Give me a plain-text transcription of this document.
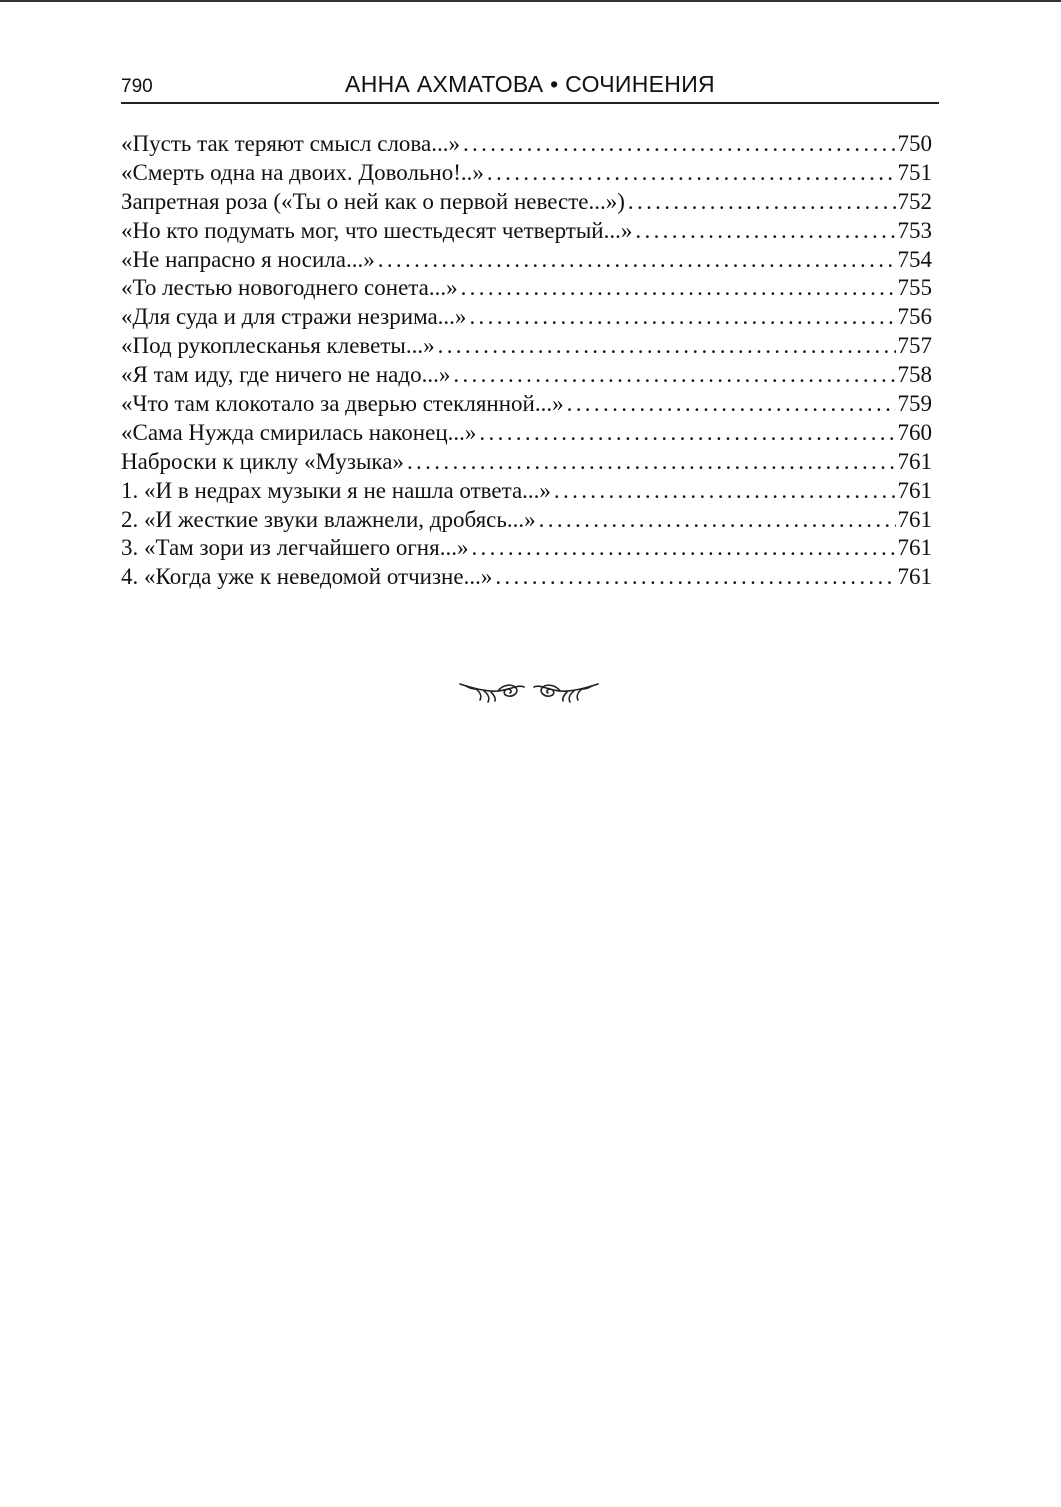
790	АННА АХМАТОВА • СОЧИНЕНИЯ
«Пусть так теряют смысл слова...» . . .	750
«Смерть одна на двоих. Довольно!..» . . .	751
Запретная роза («Ты о ней как о первой невесте...») . . .	752
«Но кто подумать мог, что шестьдесят четвертый...» . . .	753
«Не напрасно я носила...» . . .	754
«То лестью новогоднего сонета...» . . .	755
«Для суда и для стражи незрима...» . . .	756
«Под рукоплесканья клеветы...» . . .	757
«Я там иду, где ничего не надо...» . . .	758
«Что там клокотало за дверью стеклянной...» . . .	759
«Сама Нужда смирилась наконец...» . . .	760
Наброски к циклу «Музыка» . . .	761
1. «И в недрах музыки я не нашла ответа...» . . .	761
2. «И жесткие звуки влажнели, дробясь...» . . .	761
3. «Там зори из легчайшего огня...» . . .	761
4. «Когда уже к неведомой отчизне...» . . .	761
